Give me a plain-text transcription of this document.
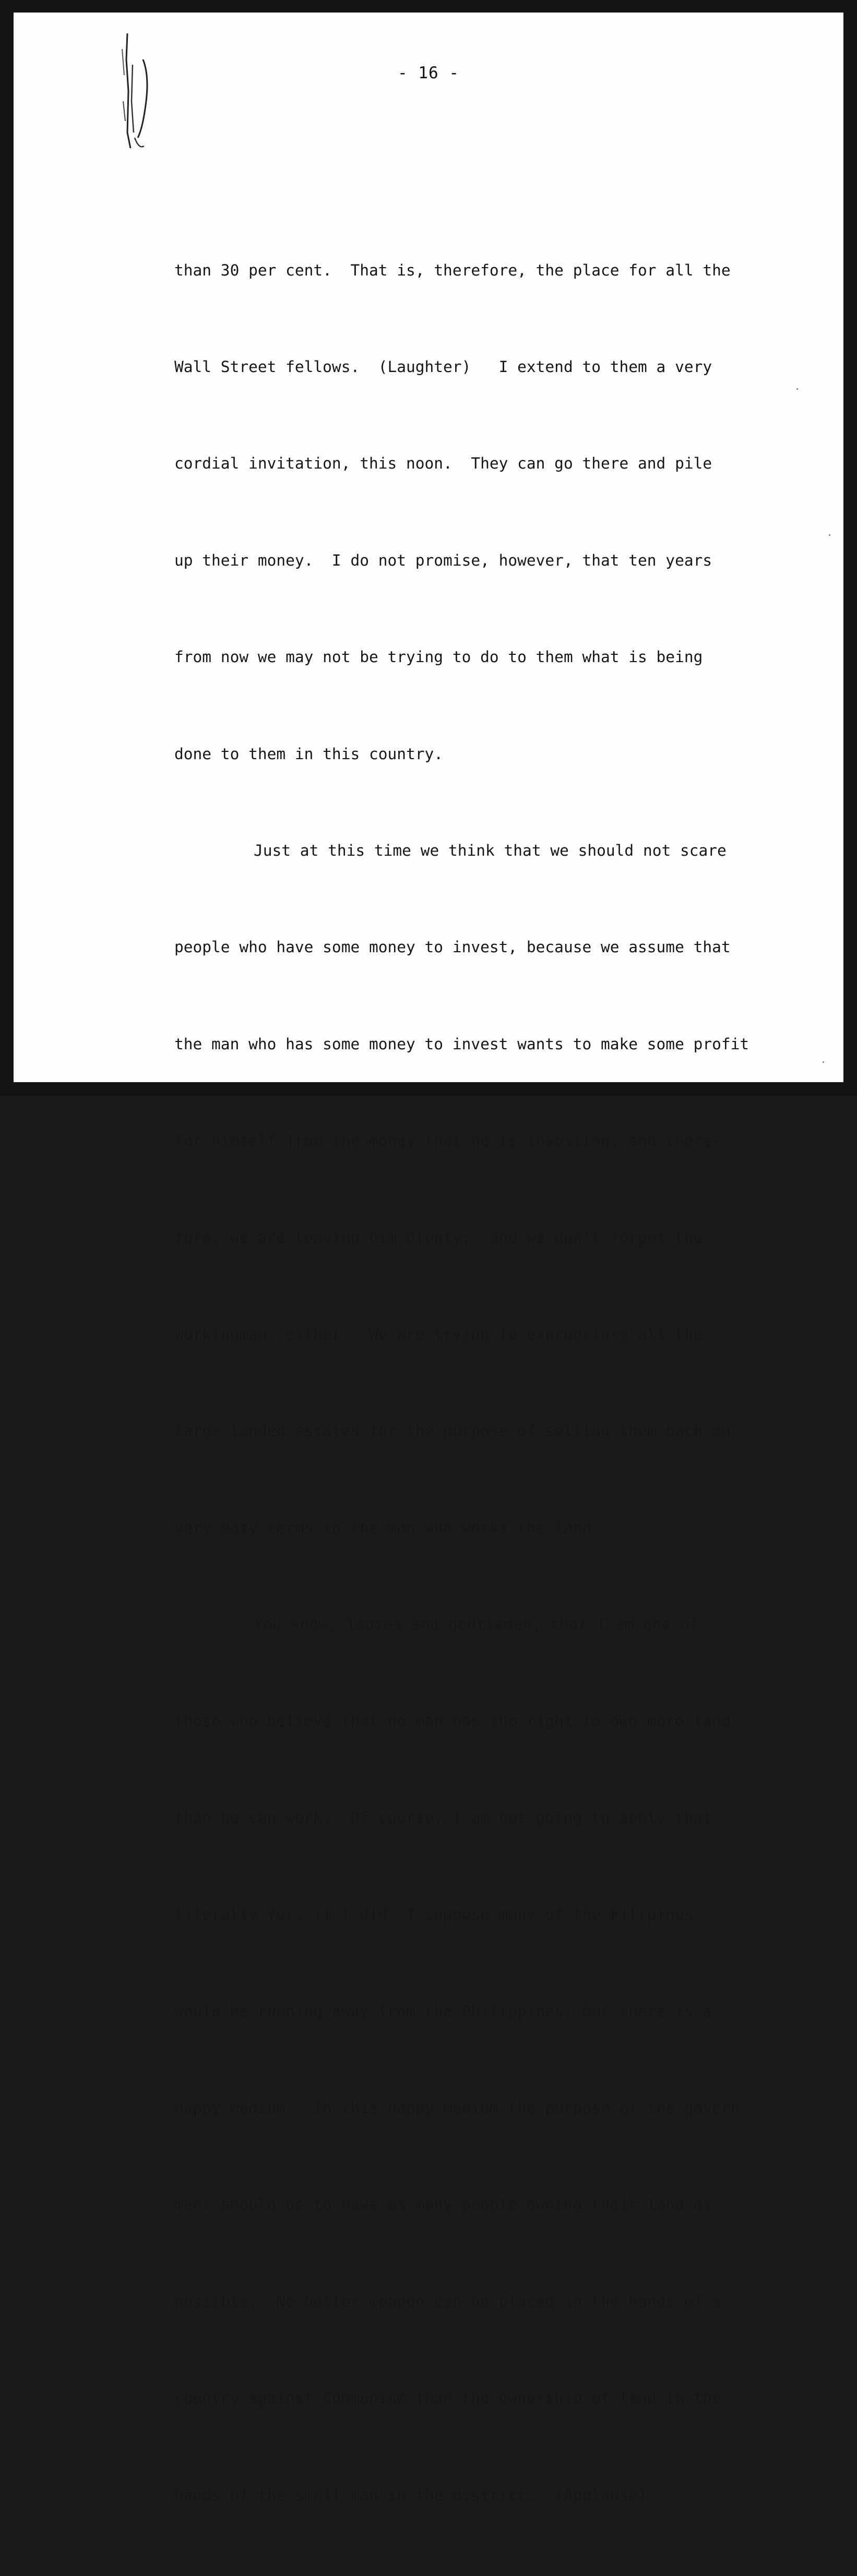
- 16 -

than 30 per cent.  That is, therefore, the place for all the

Wall Street fellows.  (Laughter)   I extend to them a very

cordial invitation, this noon.  They can go there and pile

up their money.  I do not promise, however, that ten years

from now we may not be trying to do to them what is being

done to them in this country.

Just at this time we think that we should not scare

people who have some money to invest, because we assume that

the man who has some money to invest wants to make some profit

for himself from the money that he is investing, and there-

fore, we are leaving him plenty;  and we don't forget the

workingman, either.  We are trying to expropriate all the

large landed estates for the purpose of selling them back on

very easy terms to the man who works the land.

You know, ladies and gentlemen, that I am one of

those who believe that no man has the right to own more land

than he can work.  Of course, I am not going to apply that

literally for, if I did, I suppose many of the Filipinos

would be running away from the Philippines; but there is a

happy medium.  In this happy medium the purpose of the govern-

ment should be to have as many people owning their land as

possible.  No better weapon can be placed in the hands of a

country against Communism than the ownership of land in the

hands of the small man in the district.  (Applause)
